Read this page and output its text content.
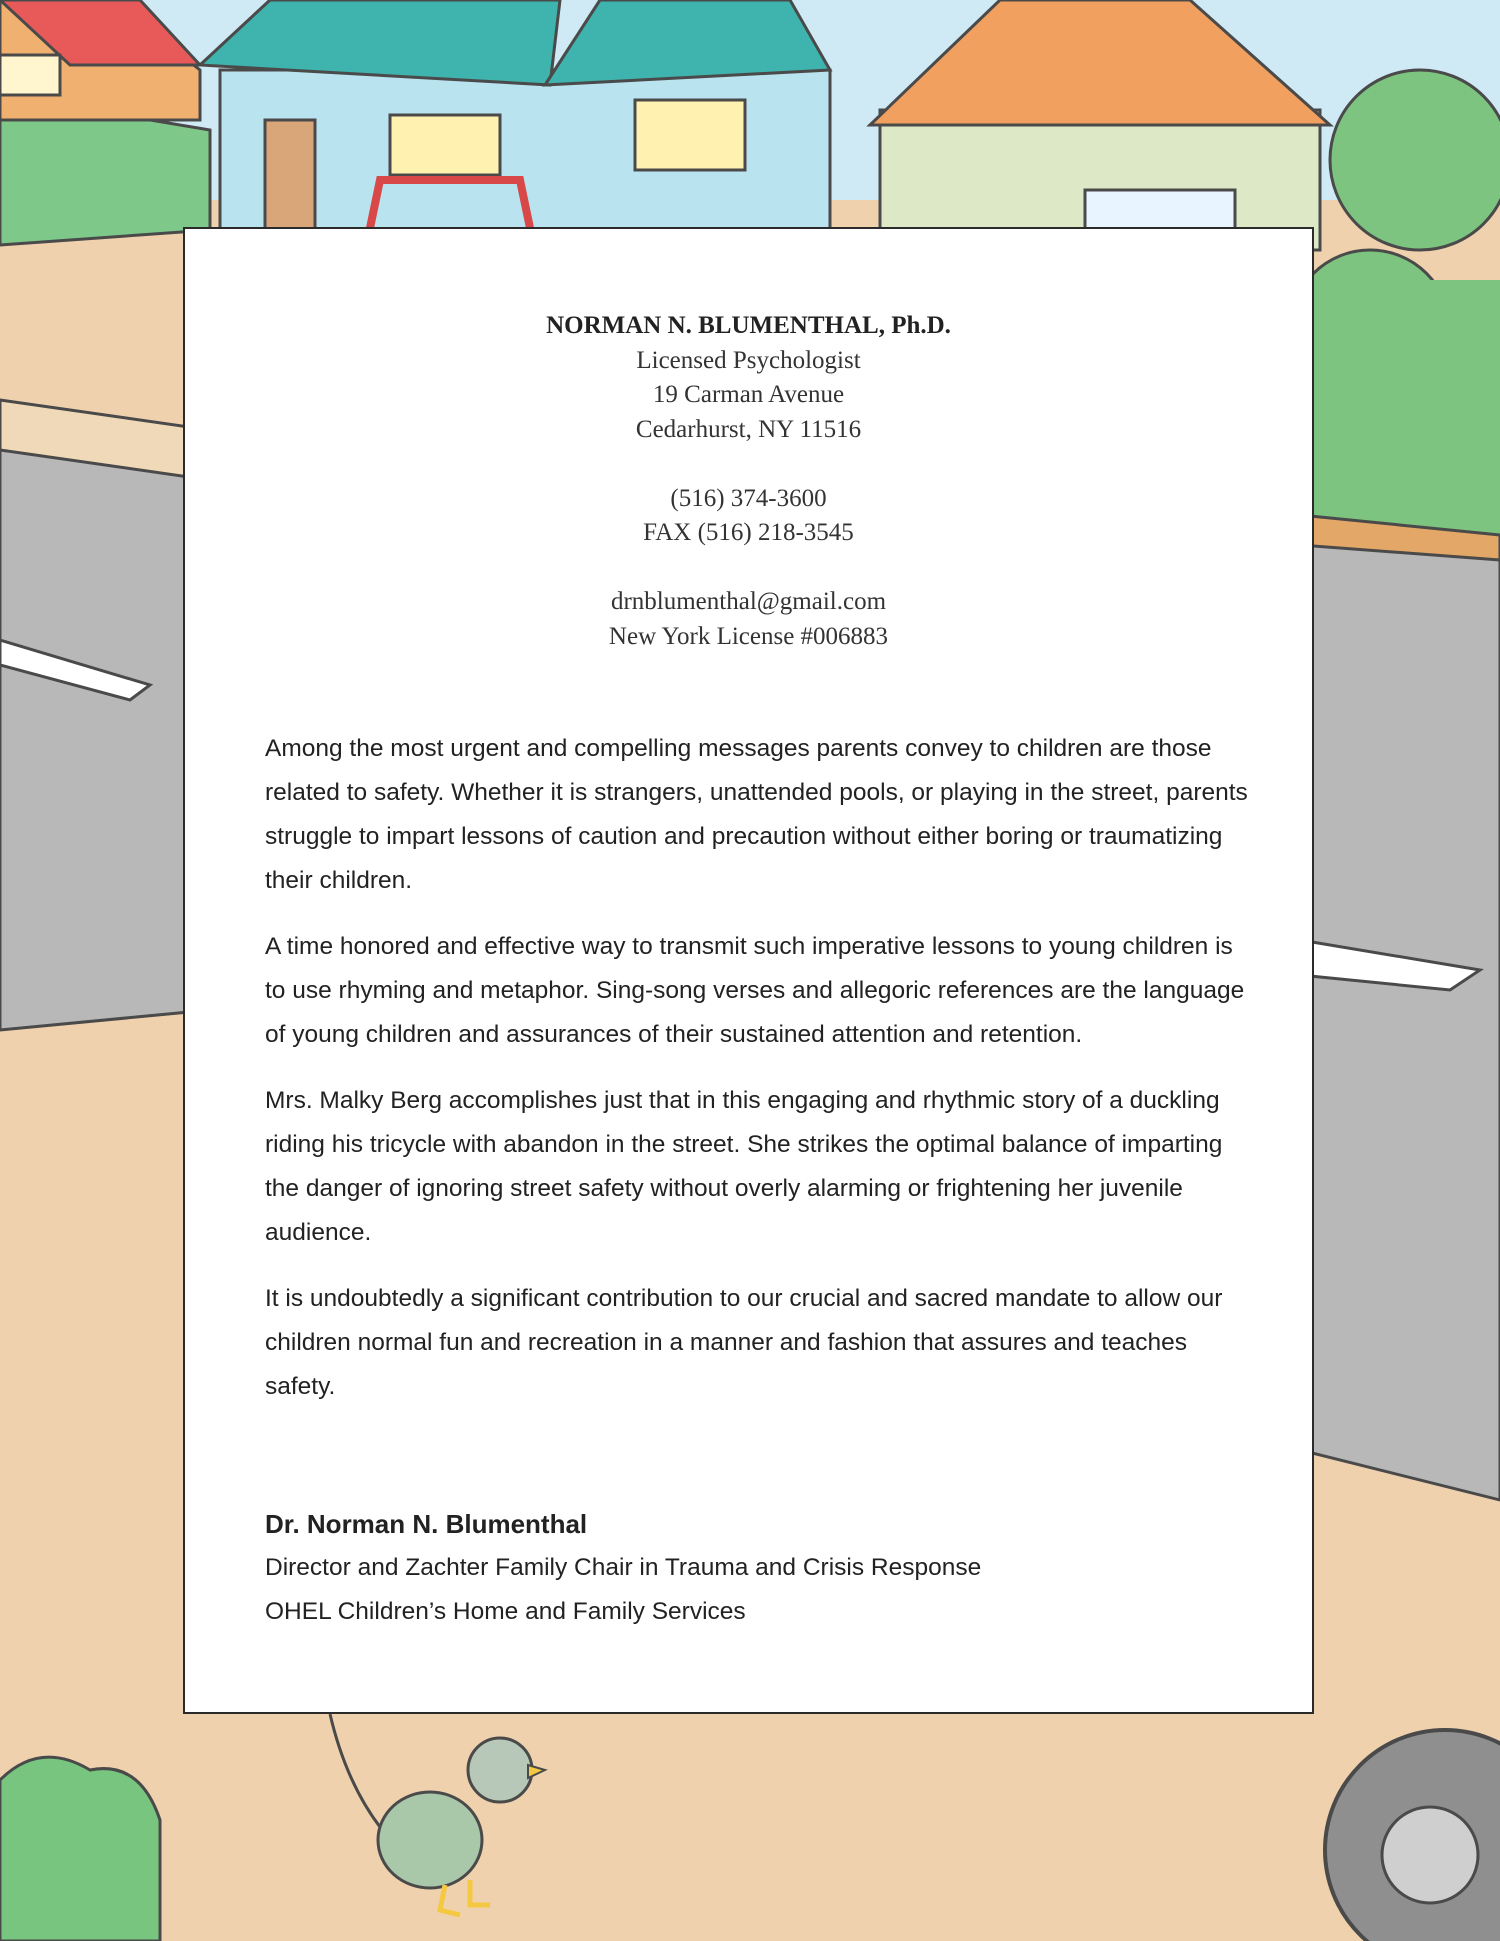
NORMAN N. BLUMENTHAL, Ph.D.
Licensed Psychologist
19 Carman Avenue
Cedarhurst, NY 11516
(516) 374-3600
FAX (516) 218-3545
drnblumenthal@gmail.com
New York License #006883

Among the most urgent and compelling messages parents convey to children are those related to safety. Whether it is strangers, unattended pools, or playing in the street, parents struggle to impart lessons of caution and precaution without either boring or traumatizing their children.

A time honored and effective way to transmit such imperative lessons to young children is to use rhyming and metaphor. Sing-song verses and allegoric references are the language of young children and assurances of their sustained attention and retention.

Mrs. Malky Berg accomplishes just that in this engaging and rhythmic story of a duckling riding his tricycle with abandon in the street. She strikes the optimal balance of imparting the danger of ignoring street safety without overly alarming or frightening her juvenile audience.

It is undoubtedly a significant contribution to our crucial and sacred mandate to allow our children normal fun and recreation in a manner and fashion that assures and teaches safety.

Dr. Norman N. Blumenthal
Director and Zachter Family Chair in Trauma and Crisis Response
OHEL Children’s Home and Family Services
